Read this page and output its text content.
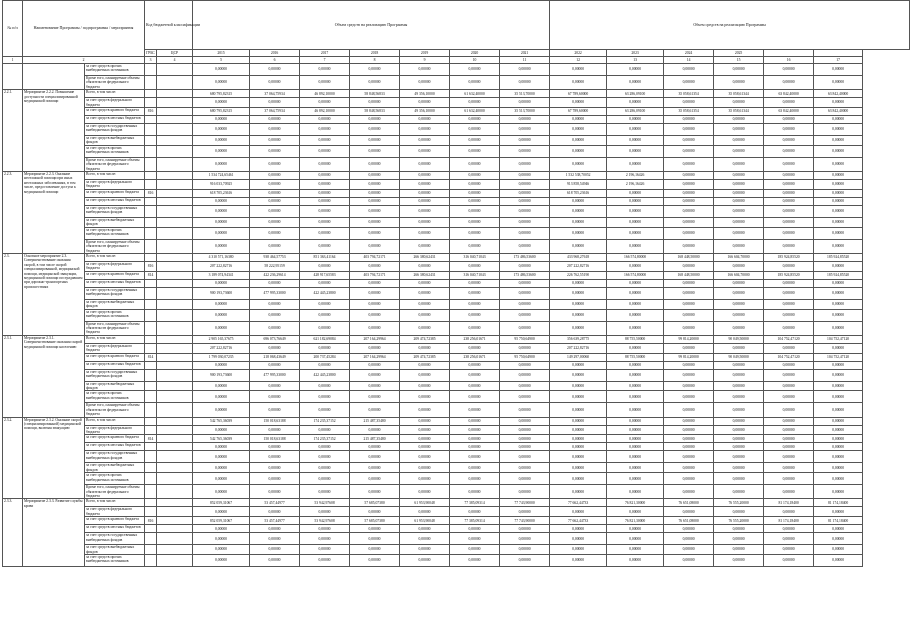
№ п/п	Наименование Программы / подпрограммы / мероприятия		Код бюджетной классификации		Объем средств на реализацию Программы							Объем средств на реализацию Программы					
			ГРБС	ЦСР	2015	2016	2017	2018	2019	2020	2021	2022	2023	2024	2025		
1	2		3	4	5	6	7	8	9	10	11	12	13	14	15	16	17
		за счет средств прочих внебюджетных источников			0,00000	0,00000	0,00000	0,00000	0,00000	0,00000	0,00000	0,00000	0,00000	0,00000	0,00000	0,00000	0,00000
		Кроме того, планируемые объемы обязательств федерального бюджета			0,00000	0,00000	0,00000	0,00000	0,00000	0,00000	0,00000	0,00000	0,00000	0,00000	0,00000	0,00000	0,00000
2.2.1.	Мероприятие 2.2.2. Повышение доступности специализированной медицинской помощи	Всего, в том числе:			680 795,82315	37 064,75934	46 892,10000	58 848,56833	49 356,10000	61 632,40000	35 513,70000	67 789,60000	63 286,09100	35 058,61354	35 058,61344	63 842,40000	63 842,40000
		за счет средств федерального бюджета			0,00000	0,00000	0,00000	0,00000	0,00000	0,00000	0,00000	0,00000	0,00000	0,00000	0,00000	0,00000	0,00000
		за счет средств краевого бюджета	816		680 795,82315	37 064,75934	46 892,10000	58 848,56833	49 356,10000	61 632,40000	35 513,70000	67 789,60000	63 286,09100	35 058,61354	35 058,61344	63 842,40000	63 842,40000
		за счет средств местных бюджетов			0,00000	0,00000	0,00000	0,00000	0,00000	0,00000	0,00000	0,00000	0,00000	0,00000	0,00000	0,00000	0,00000
		за счет средств государственных внебюджетных фондов			0,00000	0,00000	0,00000	0,00000	0,00000	0,00000	0,00000	0,00000	0,00000	0,00000	0,00000	0,00000	0,00000
		за счет средств внебюджетных фондов			0,00000	0,00000	0,00000	0,00000	0,00000	0,00000	0,00000	0,00000	0,00000	0,00000	0,00000	0,00000	0,00000
		за счет средств прочих внебюджетных источников			0,00000	0,00000	0,00000	0,00000	0,00000	0,00000	0,00000	0,00000	0,00000	0,00000	0,00000	0,00000	0,00000
		Кроме того, планируемые объемы обязательств федерального бюджета			0,00000	0,00000	0,00000	0,00000	0,00000	0,00000	0,00000	0,00000	0,00000	0,00000	0,00000	0,00000	0,00000
2.2.3.	Мероприятие 2.2.3. Оказание неотложной помощи при иных неотложных заболеваниях, в том числе, предоставление доступа к медицинской помощи	Всего, в том числе:			1 534 724,65461	0,00000	0,00000	0,00000	0,00000	0,00000	0,00000	1 532 538,70052	2 196,16426	0,00000	0,00000	0,00000	0,00000
		за счет средств федерального бюджета			916 033,70925	0,00000	0,00000	0,00000	0,00000	0,00000	0,00000	913 858,54946	2 196,16426	0,00000	0,00000	0,00000	0,00000
		за счет средств краевого бюджета	816		618 705,23616	0,00000	0,00000	0,00000	0,00000	0,00000	0,00000	618 705,23616	0,00000	0,00000	0,00000	0,00000	0,00000
		за счет средств местных бюджетов			0,00000	0,00000	0,00000	0,00000	0,00000	0,00000	0,00000	0,00000	0,00000	0,00000	0,00000	0,00000	0,00000
		за счет средств государственных внебюджетных фондов			0,00000	0,00000	0,00000	0,00000	0,00000	0,00000	0,00000	0,00000	0,00000	0,00000	0,00000	0,00000	0,00000
		за счет средств внебюджетных фондов			0,00000	0,00000	0,00000	0,00000	0,00000	0,00000	0,00000	0,00000	0,00000	0,00000	0,00000	0,00000	0,00000
		за счет средств прочих внебюджетных источников			0,00000	0,00000	0,00000	0,00000	0,00000	0,00000	0,00000	0,00000	0,00000	0,00000	0,00000	0,00000	0,00000
		Кроме того, планируемые объемы обязательств федерального бюджета			0,00000	0,00000	0,00000	0,00000	0,00000	0,00000	0,00000	0,00000	0,00000	0,00000	0,00000	0,00000	0,00000
2.3.	Основное мероприятие 2.3. Совершенствование оказания скорой, в том числе скорой специализированной, медицинской помощи, медицинской эвакуации, медицинской помощи пострадавшим при дорожно-транспортных происшествиях	Всего, в том числе:			4 310 571,16380	938 464,57753	851 363,41164	403 794,72171	266 380,62431	316 040,71043	173 486,53600	433 968,27618	166 574,80000	168 448,50000	166 604,70000	185 924,85520	185 924,85520
		за счет средств федерального бюджета	816		207 222,82716	58 222,95159	0,00000	0,00000	0,00000	0,00000	0,00000	207 222,82716	0,00000	0,00000	0,00000	0,00000	0,00000
		за счет средств краевого бюджета	814		3 189 074,94341	422 236,29614	428 917,65583	403 794,72171	266 380,62431	316 040,71043	173 486,53600	226 762,55190	166 574,80000	168 448,50000	166 604,70000	185 924,85520	185 924,85520
		за счет средств местных бюджетов			0,00000	0,00000	0,00000	0,00000	0,00000	0,00000	0,00000	0,00000	0,00000	0,00000	0,00000	0,00000	0,00000
		за счет средств государственных внебюджетных фондов			900 193,73600	477 995,33000	422 445,23800	0,00000	0,00000	0,00000	0,00000	0,00000	0,00000	0,00000	0,00000	0,00000	0,00000
		за счет средств внебюджетных фондов			0,00000	0,00000	0,00000	0,00000	0,00000	0,00000	0,00000	0,00000	0,00000	0,00000	0,00000	0,00000	0,00000
		за счет средств прочих внебюджетных источников			0,00000	0,00000	0,00000	0,00000	0,00000	0,00000	0,00000	0,00000	0,00000	0,00000	0,00000	0,00000	0,00000
		Кроме того, планируемые объемы обязательств федерального бюджета			0,00000	0,00000	0,00000	0,00000	0,00000	0,00000	0,00000	0,00000	0,00000	0,00000	0,00000	0,00000	0,00000
2.3.1.	Мероприятие 2.3.1. Совершенствование оказания скорой медицинской помощи населению	Всего, в том числе:			2 905 165,37675	696 073,76649	621 182,69084	207 164,29964	209 474,72385	238 256,01671	95 750,64900	356 639,28775	88 755,50000	99 814,20000	90 049,50000	104 752,47120	104 752,47120
		за счет средств федерального бюджета			207 222,82716	0,00000	0,00000	0,00000	0,00000	0,00000	0,00000	207 222,82716	0,00000	0,00000	0,00000	0,00000	0,00000
		за счет средств краевого бюджета	814		1 799 030,07235	218 068,43649	200 737,45284	207 164,29964	209 474,72385	238 256,01671	95 750,64900	149 297,00060	88 755,50000	99 814,20000	90 049,50000	104 752,47120	104 752,47120
		за счет средств местных бюджетов			0,00000	0,00000	0,00000	0,00000	0,00000	0,00000	0,00000	0,00000	0,00000	0,00000	0,00000	0,00000	0,00000
		за счет средств государственных внебюджетных фондов			900 193,73600	477 995,33000	422 445,23800	0,00000	0,00000	0,00000	0,00000	0,00000	0,00000	0,00000	0,00000	0,00000	0,00000
		за счет средств внебюджетных фондов			0,00000	0,00000	0,00000	0,00000	0,00000	0,00000	0,00000	0,00000	0,00000	0,00000	0,00000	0,00000	0,00000
		за счет средств прочих внебюджетных источников			0,00000	0,00000	0,00000	0,00000	0,00000	0,00000	0,00000	0,00000	0,00000	0,00000	0,00000	0,00000	0,00000
		Кроме того, планируемые объемы обязательств федерального бюджета			0,00000	0,00000	0,00000	0,00000	0,00000	0,00000	0,00000	0,00000	0,00000	0,00000	0,00000	0,00000	0,00000
2.3.2.	Мероприятие 2.3.2. Оказание скорой (специализированной) медицинской помощи, включая эвакуацию	Всего, в том числе:			542 765,36039	150 018,63188	174 235,37152	215 487,35480	0,00000	0,00000	0,00000	0,00000	0,00000	0,00000	0,00000	0,00000	0,00000
		за счет средств федерального бюджета			0,00000	0,00000	0,00000	0,00000	0,00000	0,00000	0,00000	0,00000	0,00000	0,00000	0,00000	0,00000	0,00000
		за счет средств краевого бюджета	814		542 765,36039	150 018,63188	174 235,37152	215 487,35480	0,00000	0,00000	0,00000	0,00000	0,00000	0,00000	0,00000	0,00000	0,00000
		за счет средств местных бюджетов			0,00000	0,00000	0,00000	0,00000	0,00000	0,00000	0,00000	0,00000	0,00000	0,00000	0,00000	0,00000	0,00000
		за счет средств государственных внебюджетных фондов			0,00000	0,00000	0,00000	0,00000	0,00000	0,00000	0,00000	0,00000	0,00000	0,00000	0,00000	0,00000	0,00000
		за счет средств внебюджетных фондов			0,00000	0,00000	0,00000	0,00000	0,00000	0,00000	0,00000	0,00000	0,00000	0,00000	0,00000	0,00000	0,00000
		за счет средств прочих внебюджетных источников			0,00000	0,00000	0,00000	0,00000	0,00000	0,00000	0,00000	0,00000	0,00000	0,00000	0,00000	0,00000	0,00000
		Кроме того, планируемые объемы обязательств федерального бюджета			0,00000	0,00000	0,00000	0,00000	0,00000	0,00000	0,00000	0,00000	0,00000	0,00000	0,00000	0,00000	0,00000
2.3.3.	Мероприятие 2.3.3. Развитие службы крови	Всего, в том числе:			852 059,31067	53 457,44977	53 942,97608	57 685,07380	61 953,90048	77 385,09314	77 743,90000	77 662,44733	76 821,30000	76 651,08000	76 555,20000	81 174,18400	81 174,18400
		за счет средств федерального бюджета			0,00000	0,00000	0,00000	0,00000	0,00000	0,00000	0,00000	0,00000	0,00000	0,00000	0,00000	0,00000	0,00000
		за счет средств краевого бюджета	816		852 059,31067	53 457,44977	53 942,97608	57 685,07380	61 953,90048	77 385,09314	77 743,90000	77 662,44733	76 821,30000	76 651,08000	76 555,20000	81 174,18400	81 174,18400
		за счет средств местных бюджетов			0,00000	0,00000	0,00000	0,00000	0,00000	0,00000	0,00000	0,00000	0,00000	0,00000	0,00000	0,00000	0,00000
		за счет средств государственных внебюджетных фондов			0,00000	0,00000	0,00000	0,00000	0,00000	0,00000	0,00000	0,00000	0,00000	0,00000	0,00000	0,00000	0,00000
		за счет средств внебюджетных фондов			0,00000	0,00000	0,00000	0,00000	0,00000	0,00000	0,00000	0,00000	0,00000	0,00000	0,00000	0,00000	0,00000
		за счет средств прочих внебюджетных источников			0,00000	0,00000	0,00000	0,00000	0,00000	0,00000	0,00000	0,00000	0,00000	0,00000	0,00000	0,00000	0,00000
